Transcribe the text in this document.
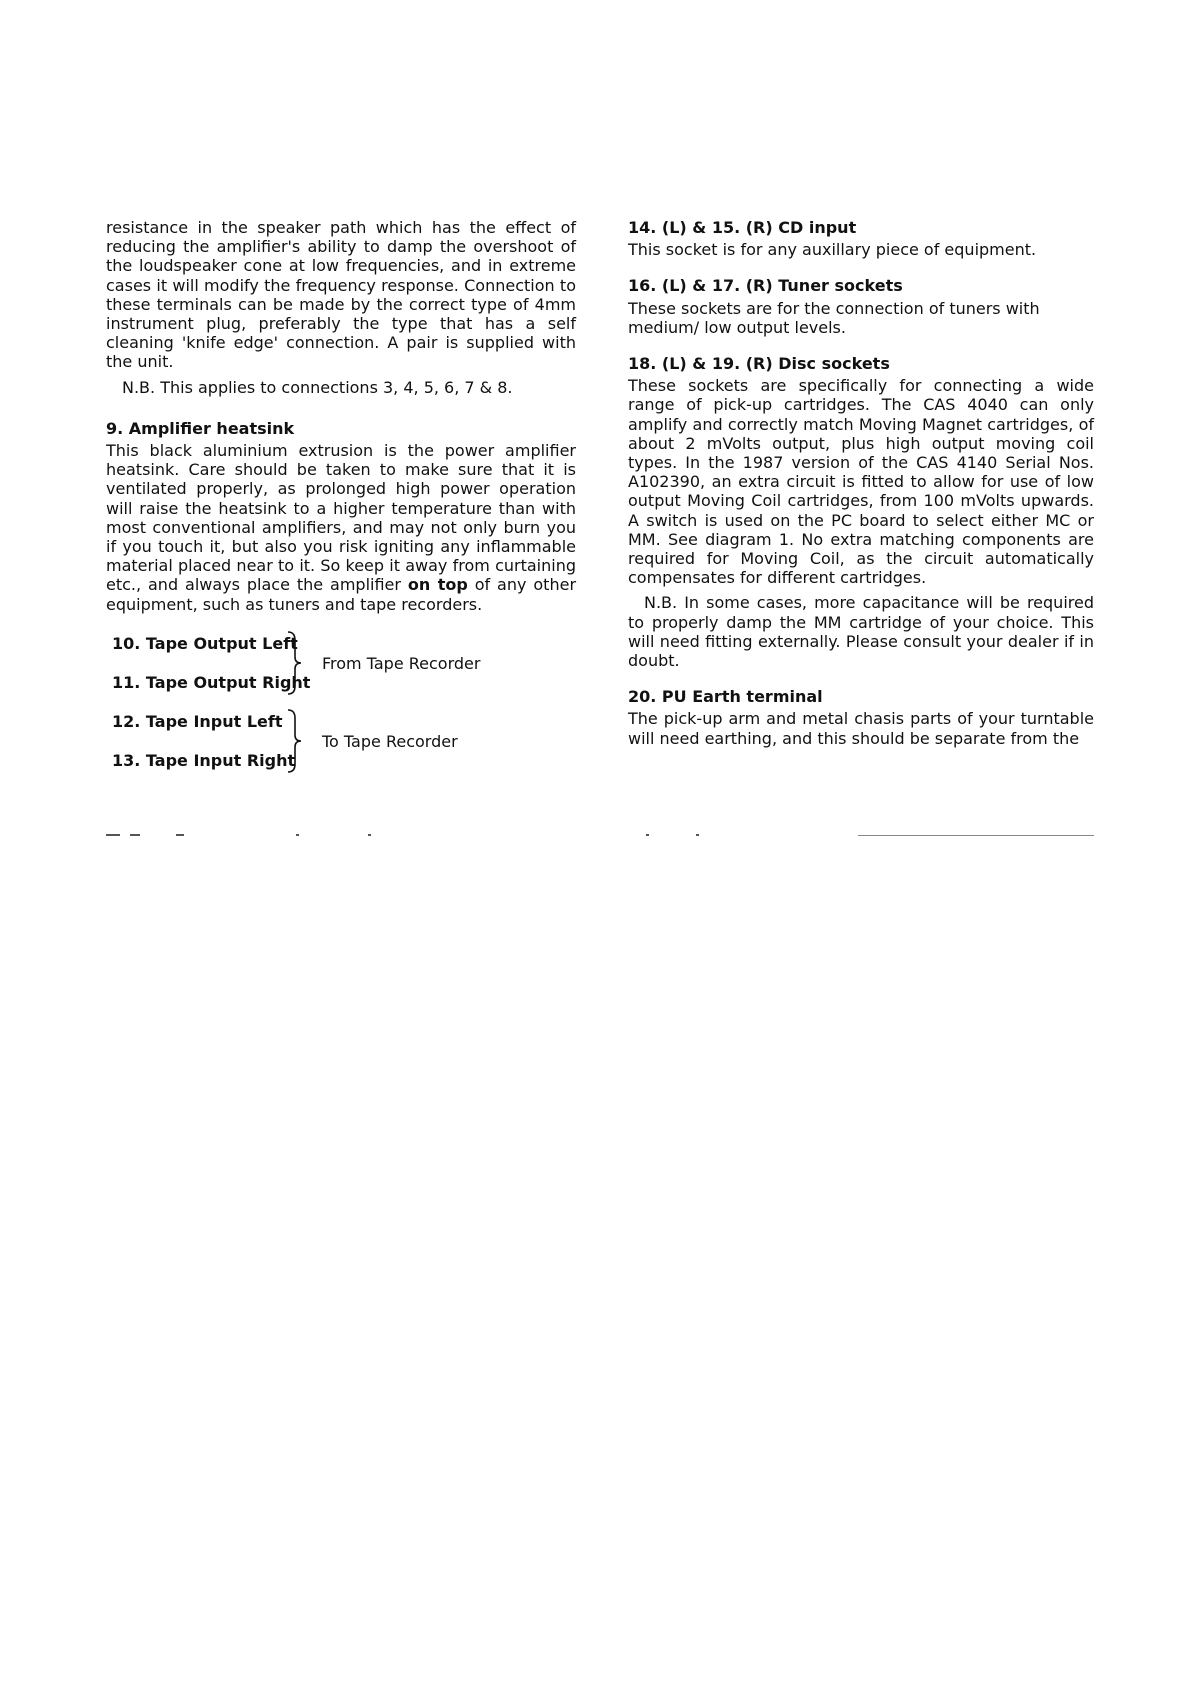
resistance in the speaker path which has the effect of reducing the amplifier's ability to damp the overshoot of the loudspeaker cone at low frequencies, and in extreme cases it will modify the frequency response. Connection to these terminals can be made by the correct type of 4mm instrument plug, preferably the type that has a self cleaning 'knife edge' connection. A pair is supplied with the unit.

N.B. This applies to connections 3, 4, 5, 6, 7 & 8.

9. Amplifier heatsink

This black aluminium extrusion is the power amplifier heatsink. Care should be taken to make sure that it is ventilated properly, as prolonged high power operation will raise the heatsink to a higher temperature than with most conventional amplifiers, and may not only burn you if you touch it, but also you risk igniting any inflammable material placed near to it. So keep it away from curtaining etc., and always place the amplifier on top of any other equipment, such as tuners and tape recorders.

10. Tape Output Left
11. Tape Output Right
From Tape Recorder
12. Tape Input Left
13. Tape Input Right
To Tape Recorder

14. (L) & 15. (R) CD input

This socket is for any auxillary piece of equipment.

16. (L) & 17. (R) Tuner sockets

These sockets are for the connection of tuners with medium/ low output levels.

18. (L) & 19. (R) Disc sockets

These sockets are specifically for connecting a wide range of pick-up cartridges. The CAS 4040 can only amplify and correctly match Moving Magnet cartridges, of about 2 mVolts output, plus high output moving coil types. In the 1987 version of the CAS 4140 Serial Nos. A102390, an extra circuit is fitted to allow for use of low output Moving Coil cartridges, from 100 mVolts upwards. A switch is used on the PC board to select either MC or MM. See diagram 1. No extra matching components are required for Moving Coil, as the circuit automatically compensates for different cartridges.

N.B. In some cases, more capacitance will be required to properly damp the MM cartridge of your choice. This will need fitting externally. Please consult your dealer if in doubt.

20. PU Earth terminal

The pick-up arm and metal chasis parts of your turntable will need earthing, and this should be separate from the
